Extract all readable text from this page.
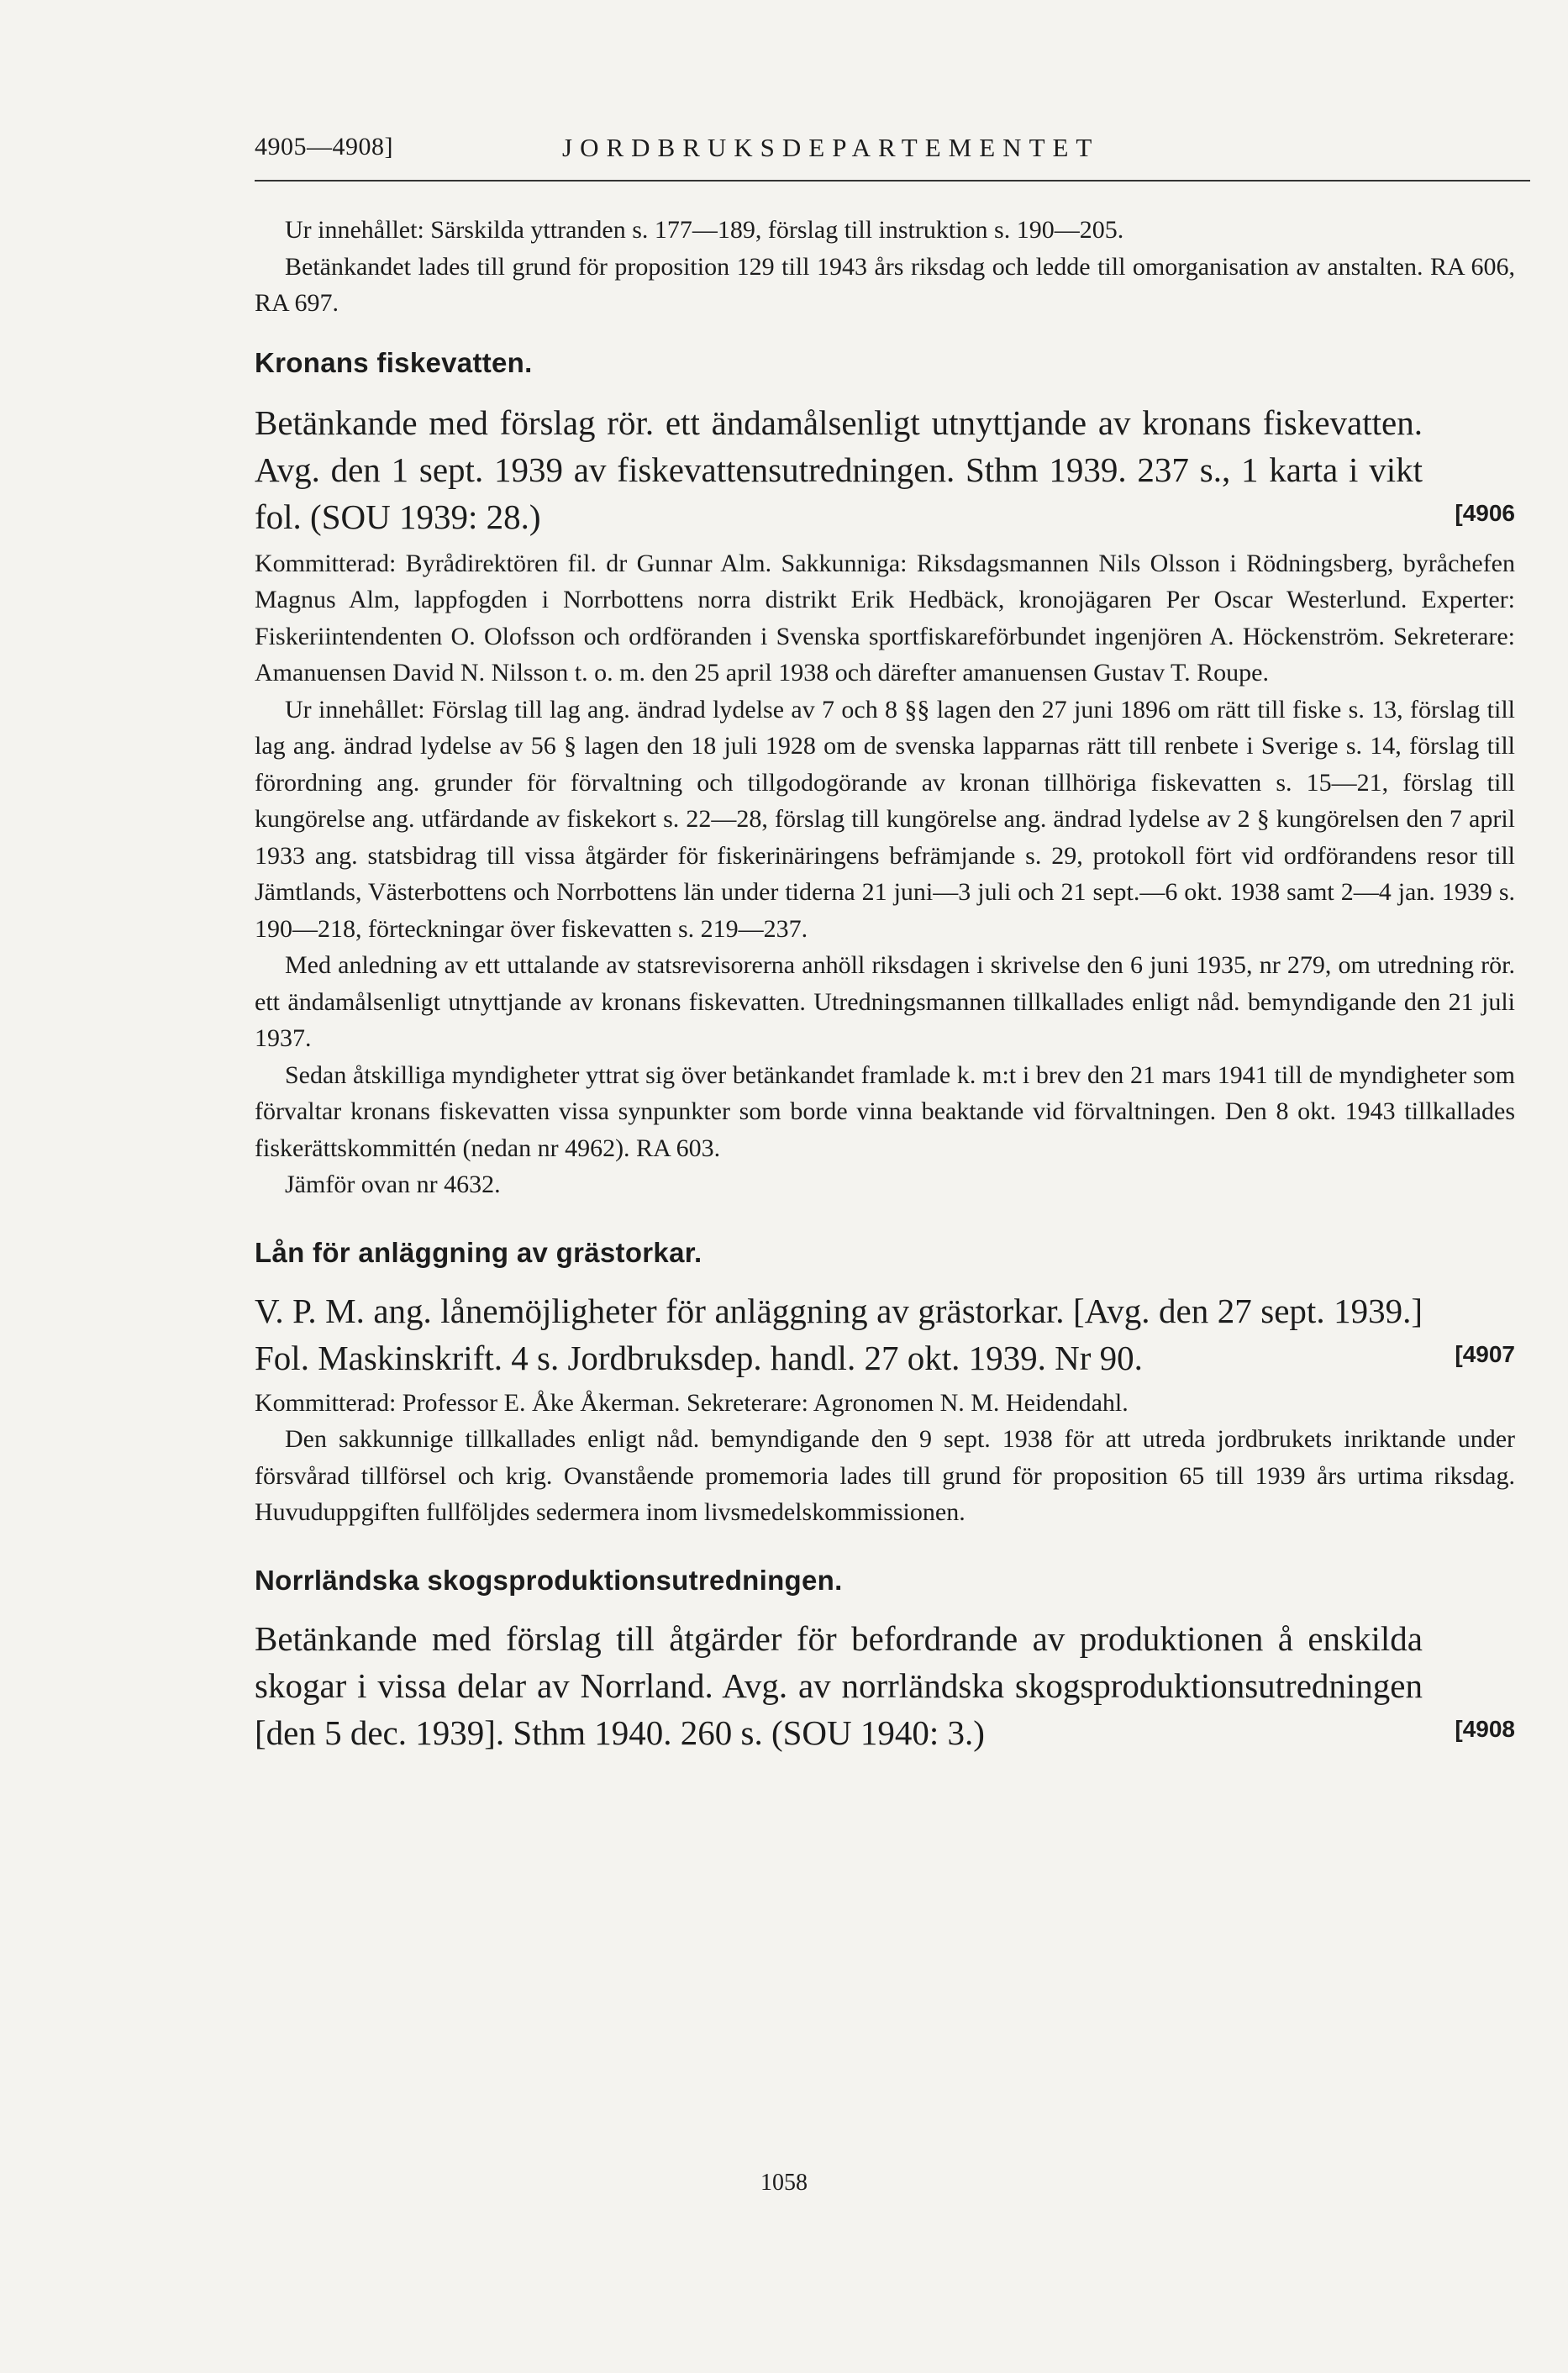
4905—4908]	JORDBRUKSDEPARTEMENTET

Ur innehållet: Särskilda yttranden s. 177—189, förslag till instruktion s. 190—205.

Betänkandet lades till grund för proposition 129 till 1943 års riksdag och ledde till omorganisation av anstalten. RA 606, RA 697.

Kronans fiskevatten.
Betänkande med förslag rör. ett ändamålsenligt utnyttjande av kronans fiskevatten. Avg. den 1 sept. 1939 av fiskevattensutredningen. Sthm 1939. 237 s., 1 karta i vikt fol. (SOU 1939: 28.)	[4906

Kommitterad: Byrådirektören fil. dr Gunnar Alm. Sakkunniga: Riksdagsmannen Nils Olsson i Rödningsberg, byråchefen Magnus Alm, lappfogden i Norrbottens norra distrikt Erik Hedbäck, kronojägaren Per Oscar Westerlund. Experter: Fiskeriintendenten O. Olofsson och ordföranden i Svenska sportfiskareförbundet ingenjören A. Höckenström. Sekreterare: Amanuensen David N. Nilsson t. o. m. den 25 april 1938 och därefter amanuensen Gustav T. Roupe.

Ur innehållet: Förslag till lag ang. ändrad lydelse av 7 och 8 §§ lagen den 27 juni 1896 om rätt till fiske s. 13, förslag till lag ang. ändrad lydelse av 56 § lagen den 18 juli 1928 om de svenska lapparnas rätt till renbete i Sverige s. 14, förslag till förordning ang. grunder för förvaltning och tillgodogörande av kronan tillhöriga fiskevatten s. 15—21, förslag till kungörelse ang. utfärdande av fiskekort s. 22—28, förslag till kungörelse ang. ändrad lydelse av 2 § kungörelsen den 7 april 1933 ang. statsbidrag till vissa åtgärder för fiskerinäringens befrämjande s. 29, protokoll fört vid ordförandens resor till Jämtlands, Västerbottens och Norrbottens län under tiderna 21 juni—3 juli och 21 sept.—6 okt. 1938 samt 2—4 jan. 1939 s. 190—218, förteckningar över fiskevatten s. 219—237.

Med anledning av ett uttalande av statsrevisorerna anhöll riksdagen i skrivelse den 6 juni 1935, nr 279, om utredning rör. ett ändamålsenligt utnyttjande av kronans fiskevatten. Utredningsmannen tillkallades enligt nåd. bemyndigande den 21 juli 1937.

Sedan åtskilliga myndigheter yttrat sig över betänkandet framlade k. m:t i brev den 21 mars 1941 till de myndigheter som förvaltar kronans fiskevatten vissa synpunkter som borde vinna beaktande vid förvaltningen. Den 8 okt. 1943 tillkallades fiskerättskommittén (nedan nr 4962). RA 603.

Jämför ovan nr 4632.

Lån för anläggning av grästorkar.
V. P. M. ang. lånemöjligheter för anläggning av grästorkar. [Avg. den 27 sept. 1939.] Fol. Maskinskrift. 4 s. Jordbruksdep. handl. 27 okt. 1939. Nr 90.	[4907

Kommitterad: Professor E. Åke Åkerman. Sekreterare: Agronomen N. M. Heidendahl.

Den sakkunnige tillkallades enligt nåd. bemyndigande den 9 sept. 1938 för att utreda jordbrukets inriktande under försvårad tillförsel och krig. Ovanstående promemoria lades till grund för proposition 65 till 1939 års urtima riksdag. Huvuduppgiften fullföljdes sedermera inom livsmedelskommissionen.

Norrländska skogsproduktionsutredningen.
Betänkande med förslag till åtgärder för befordrande av produktionen å enskilda skogar i vissa delar av Norrland. Avg. av norrländska skogsproduktionsutredningen [den 5 dec. 1939]. Sthm 1940. 260 s. (SOU 1940: 3.)	[4908
1058
